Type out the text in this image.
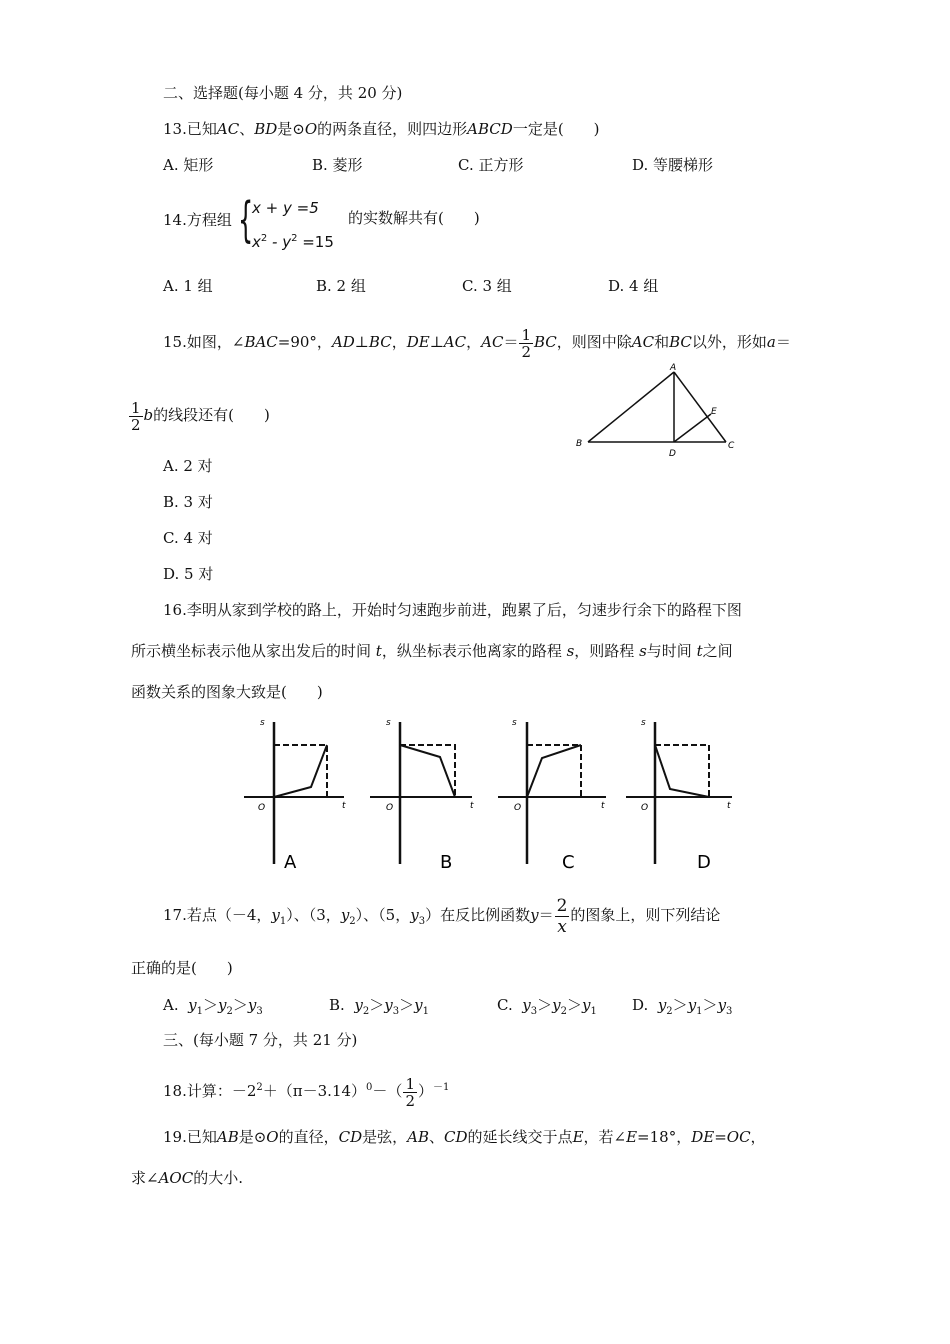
二、选择题(每小题 4 分，共 20 分)
13.已知AC、BD是⊙O的两条直径，则四边形ABCD一定是(　　)
A. 矩形	B. 菱形	C. 正方形	D. 等腰梯形
14.方程组 {
x + y =5
$x^2 - y^2 =15$
的实数解共有(　　)
A. 1 组	B. 2 组	C. 3 组	D. 4 组
15.如图，∠BAC=90°，AD⊥BC，DE⊥AC，$AC= \frac{1}{2}$ BC，则图中除AC和BC以外，形如a＝
$\frac{1}{2}$ b的线段还有(　　)
A
B	C
D
E
A. 2 对
B. 3 对
C. 4 对
D. 5 对
16.李明从家到学校的路上，开始时匀速跑步前进，跑累了后，匀速步行余下的路程下图
所示横坐标表示他从家出发后的时间 t，纵坐标表示他离家的路程 s，则路程 s与时间 t之间
函数关系的图象大致是(　　)
s
O	t
A
s
O	t
B
s
O	t
C
s
O	t
D
17.若点（－4，$y_1$）、（3，$y_2$）、（5，$y_3$）在反比例函数$y= \frac{2}{x}$ 的图象上，则下列结论
正确的是(　　)
A. $y_1>y_2>y_3$	B. $y_2>y_3>y_1$	C. $y_3>y_2>y_1$ D. $y_2>y_1>y_3$
三、(每小题 7 分，共 21 分)
18.计算：$-2^2+(\pi-3.14)^0-( \frac{1}{2} )^{-1}$
19.已知AB是⊙O的直径，CD是弦，AB、CD的延长线交于点E，若∠E=18°，DE=OC，
求∠AOC的大小.
